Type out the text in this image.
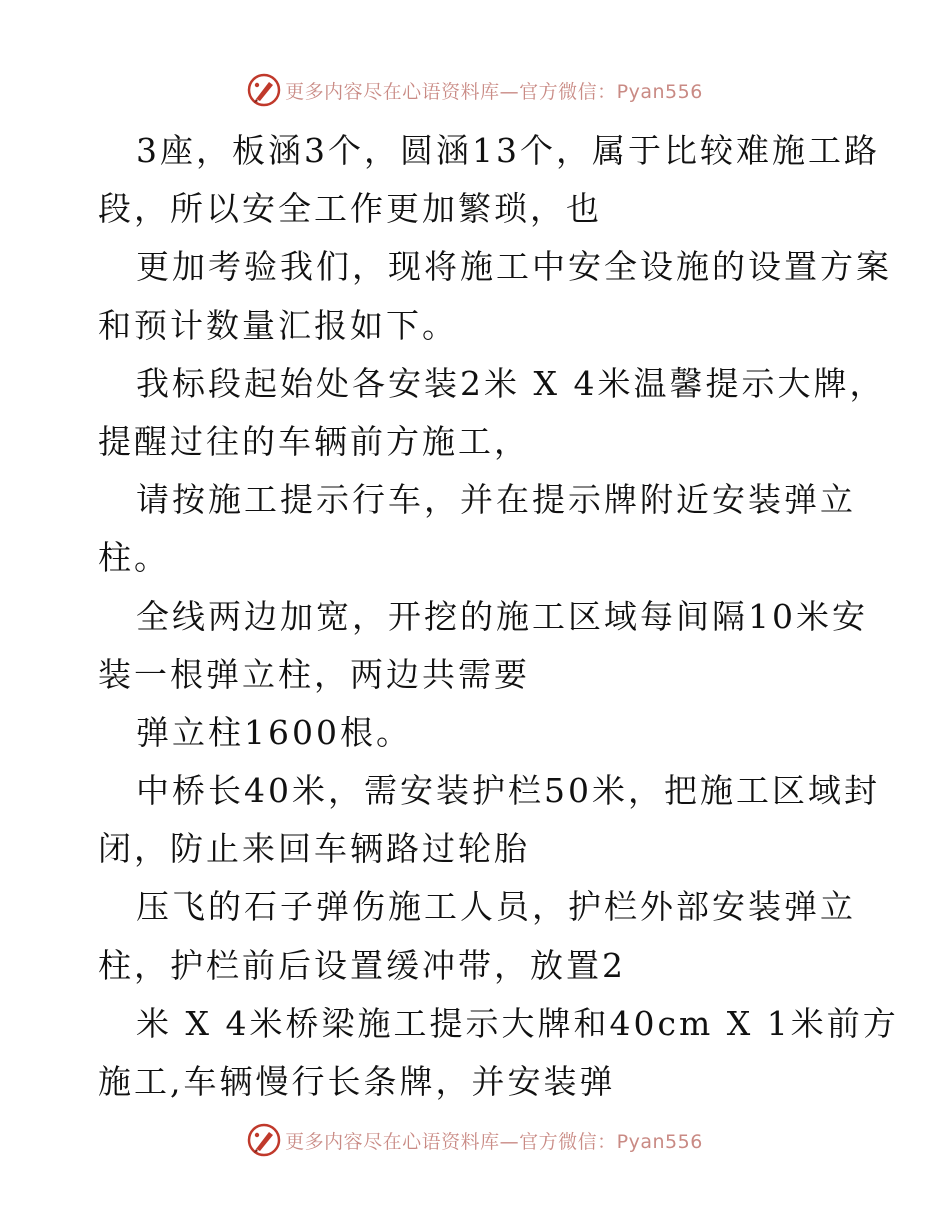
更多内容尽在心语资料库—官方微信：Pyan556
3座，板涵3个，圆涵13个，属于比较难施工路
段，所以安全工作更加繁琐，也
更加考验我们，现将施工中安全设施的设置方案
和预计数量汇报如下。
我标段起始处各安装2米 X 4米温馨提示大牌，
提醒过往的车辆前方施工，
请按施工提示行车，并在提示牌附近安装弹立
柱。
全线两边加宽，开挖的施工区域每间隔10米安
装一根弹立柱，两边共需要
弹立柱1600根。
中桥长40米，需安装护栏50米，把施工区域封
闭，防止来回车辆路过轮胎
压飞的石子弹伤施工人员，护栏外部安装弹立
柱，护栏前后设置缓冲带，放置2
米 X 4米桥梁施工提示大牌和40cm X 1米前方
施工,车辆慢行长条牌，并安装弹
更多内容尽在心语资料库—官方微信：Pyan556
